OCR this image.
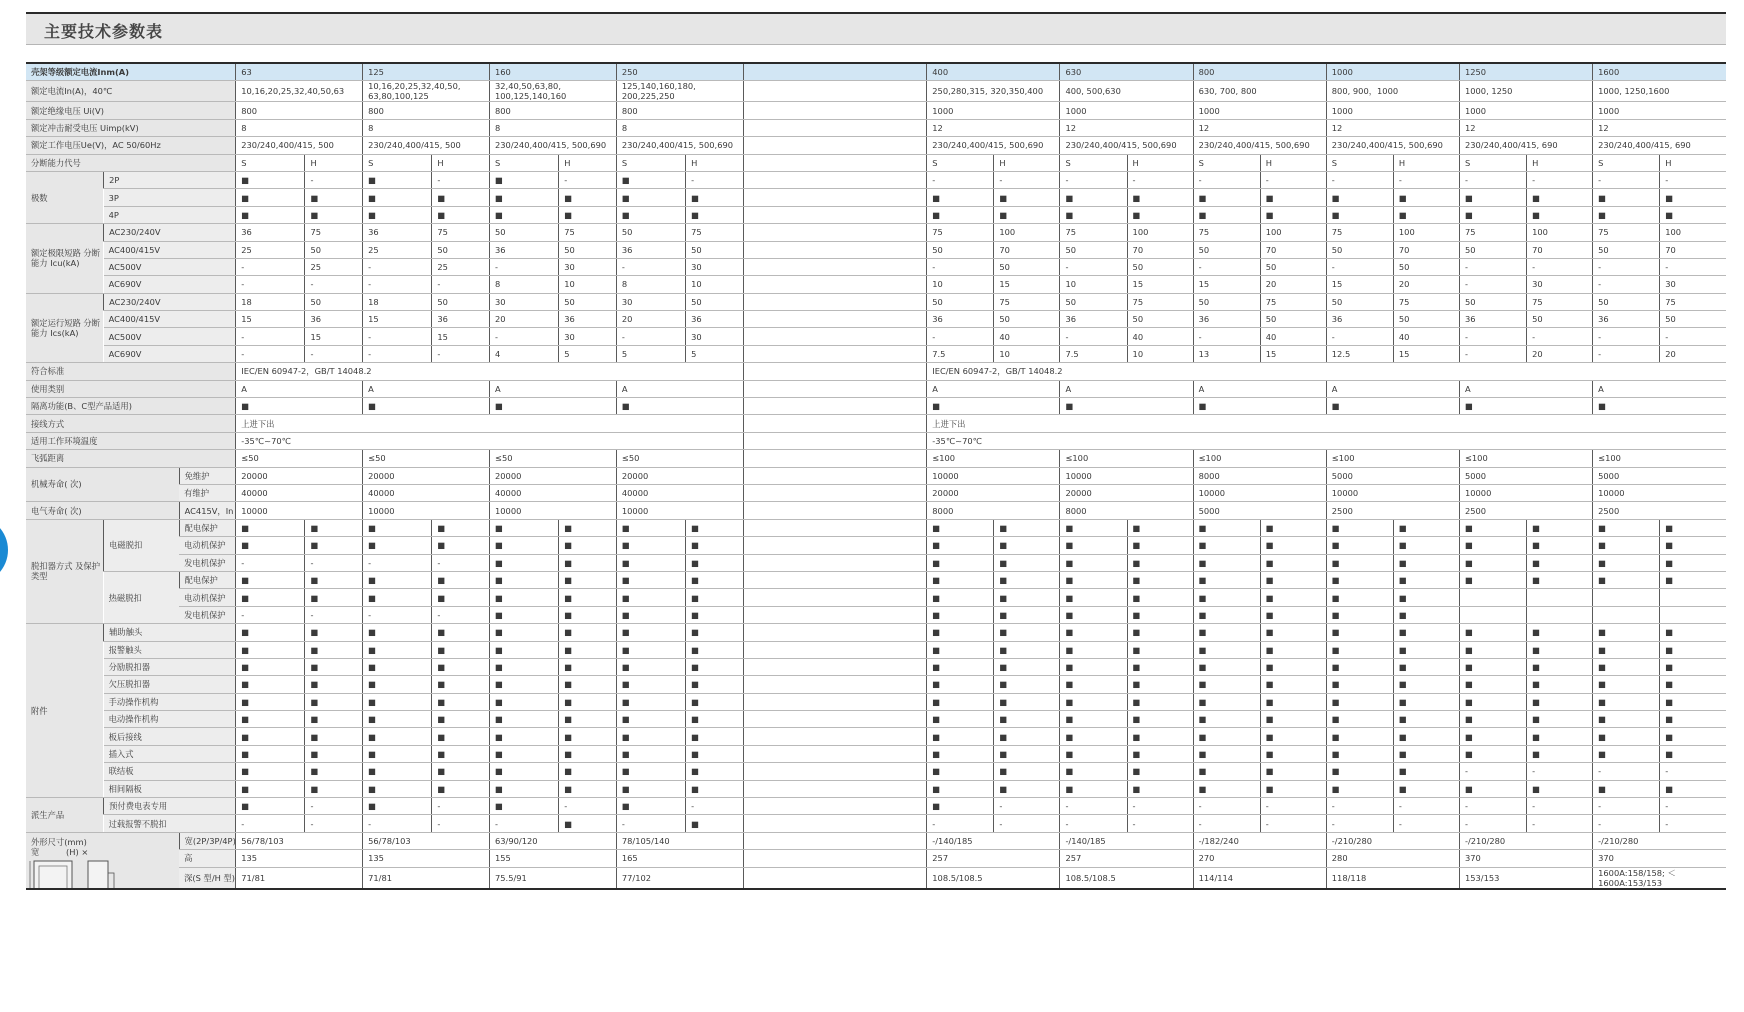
主要技术参数表
壳架等级额定电流Inm(A)			63		125		160		250			400		630		800		1000		1250		1600	
额定电流In(A)，40℃			10,16,20,25,32,40,50,63		10,16,20,25,32,40,50, 63,80,100,125		32,40,50,63,80, 100,125,140,160		125,140,160,180, 200,225,250			250,280,315, 320,350,400		400, 500,630		630, 700, 800		800, 900，1000		1000, 1250		1000, 1250,1600	
额定绝缘电压 Ui(V)			800		800		800		800			1000		1000		1000		1000		1000		1000	
额定冲击耐受电压 Uimp(kV)			8		8		8		8			12		12		12		12		12		12	
额定工作电压Ue(V)，AC 50/60Hz			230/240,400/415, 500		230/240,400/415, 500		230/240,400/415, 500,690		230/240,400/415, 500,690			230/240,400/415, 500,690		230/240,400/415, 500,690		230/240,400/415, 500,690		230/240,400/415, 500,690		230/240,400/415, 690		230/240,400/415, 690	
分断能力代号			S	H	S	H	S	H	S	H		S	H	S	H	S	H	S	H	S	H	S	H
极数	2P		■	-	■	-	■	-	■	-		-	-	-	-	-	-	-	-	-	-	-	-
	3P		■	■	■	■	■	■	■	■		■	■	■	■	■	■	■	■	■	■	■	■
	4P		■	■	■	■	■	■	■	■		■	■	■	■	■	■	■	■	■	■	■	■
额定极限短路 分断能力 Icu(kA)	AC230/240V		36	75	36	75	50	75	50	75		75	100	75	100	75	100	75	100	75	100	75	100
	AC400/415V		25	50	25	50	36	50	36	50		50	70	50	70	50	70	50	70	50	70	50	70
	AC500V		-	25	-	25	-	30	-	30		-	50	-	50	-	50	-	50	-	-	-	-
	AC690V		-	-	-	-	8	10	8	10		10	15	10	15	15	20	15	20	-	30	-	30
额定运行短路 分断能力 Ics(kA)	AC230/240V		18	50	18	50	30	50	30	50		50	75	50	75	50	75	50	75	50	75	50	75
	AC400/415V		15	36	15	36	20	36	20	36		36	50	36	50	36	50	36	50	36	50	36	50
	AC500V		-	15	-	15	-	30	-	30		-	40	-	40	-	40	-	40	-	-	-	-
	AC690V		-	-	-	-	4	5	5	5		7.5	10	7.5	10	13	15	12.5	15	-	20	-	20
符合标准			IEC/EN 60947-2，GB/T 14048.2									IEC/EN 60947-2，GB/T 14048.2											
使用类别			A		A		A		A			A		A		A		A		A		A	
隔离功能(B、C型产品适用)			■		■		■		■			■		■		■		■		■		■	
接线方式			上进下出									上进下出											
适用工作环境温度			-35℃~70℃									-35℃~70℃											
飞弧距离			≤50		≤50		≤50		≤50			≤100		≤100		≤100		≤100		≤100		≤100	
机械寿命( 次)		免维护	20000		20000		20000		20000			10000		10000		8000		5000		5000		5000	
		有维护	40000		40000		40000		40000			20000		20000		10000		10000		10000		10000	
电气寿命( 次)		AC415V，In	10000		10000		10000		10000			8000		8000		5000		2500		2500		2500	
脱扣器方式 及保护类型	电磁脱扣	配电保护	■	■	■	■	■	■	■	■		■	■	■	■	■	■	■	■	■	■	■	■
		电动机保护	■	■	■	■	■	■	■	■		■	■	■	■	■	■	■	■	■	■	■	■
		发电机保护	-	-	-	-	■	■	■	■		■	■	■	■	■	■	■	■	■	■	■	■
	热磁脱扣	配电保护	■	■	■	■	■	■	■	■		■	■	■	■	■	■	■	■	■	■	■	■
		电动机保护	■	■	■	■	■	■	■	■		■	■	■	■	■	■	■	■				
		发电机保护	-	-	-	-	■	■	■	■		■	■	■	■	■	■	■	■				
附件	辅助触头		■	■	■	■	■	■	■	■		■	■	■	■	■	■	■	■	■	■	■	■
	报警触头		■	■	■	■	■	■	■	■		■	■	■	■	■	■	■	■	■	■	■	■
	分励脱扣器		■	■	■	■	■	■	■	■		■	■	■	■	■	■	■	■	■	■	■	■
	欠压脱扣器		■	■	■	■	■	■	■	■		■	■	■	■	■	■	■	■	■	■	■	■
	手动操作机构		■	■	■	■	■	■	■	■		■	■	■	■	■	■	■	■	■	■	■	■
	电动操作机构		■	■	■	■	■	■	■	■		■	■	■	■	■	■	■	■	■	■	■	■
	板后接线		■	■	■	■	■	■	■	■		■	■	■	■	■	■	■	■	■	■	■	■
	插入式		■	■	■	■	■	■	■	■		■	■	■	■	■	■	■	■	■	■	■	■
	联结板		■	■	■	■	■	■	■	■		■	■	■	■	■	■	■	■	-	-	-	-
	相间隔板		■	■	■	■	■	■	■	■		■	■	■	■	■	■	■	■	■	■	■	■
派生产品	预付费电表专用		■	-	■	-	■	-	■	-		■	-	-	-	-	-	-	-	-	-	-	-
	过载报警不脱扣		-	-	-	-	-	■	-	■		-	-	-	-	-	-	-	-	-	-	-	-

外形尺寸(mm)
宽 (H) ×		宽(2P/3P/4P)	56/78/103		56/78/103		63/90/120		78/105/140			-/140/185		-/140/185		-/182/240		-/210/280		-/210/280		-/210/280	
		高	135		135		155		165			257		257		270		280		370		370	
		深(S 型/H 型)	71/81		71/81		75.5/91		77/102			108.5/108.5		108.5/108.5		114/114		118/118		153/153		1600A:158/158; ＜1600A:153/153	
